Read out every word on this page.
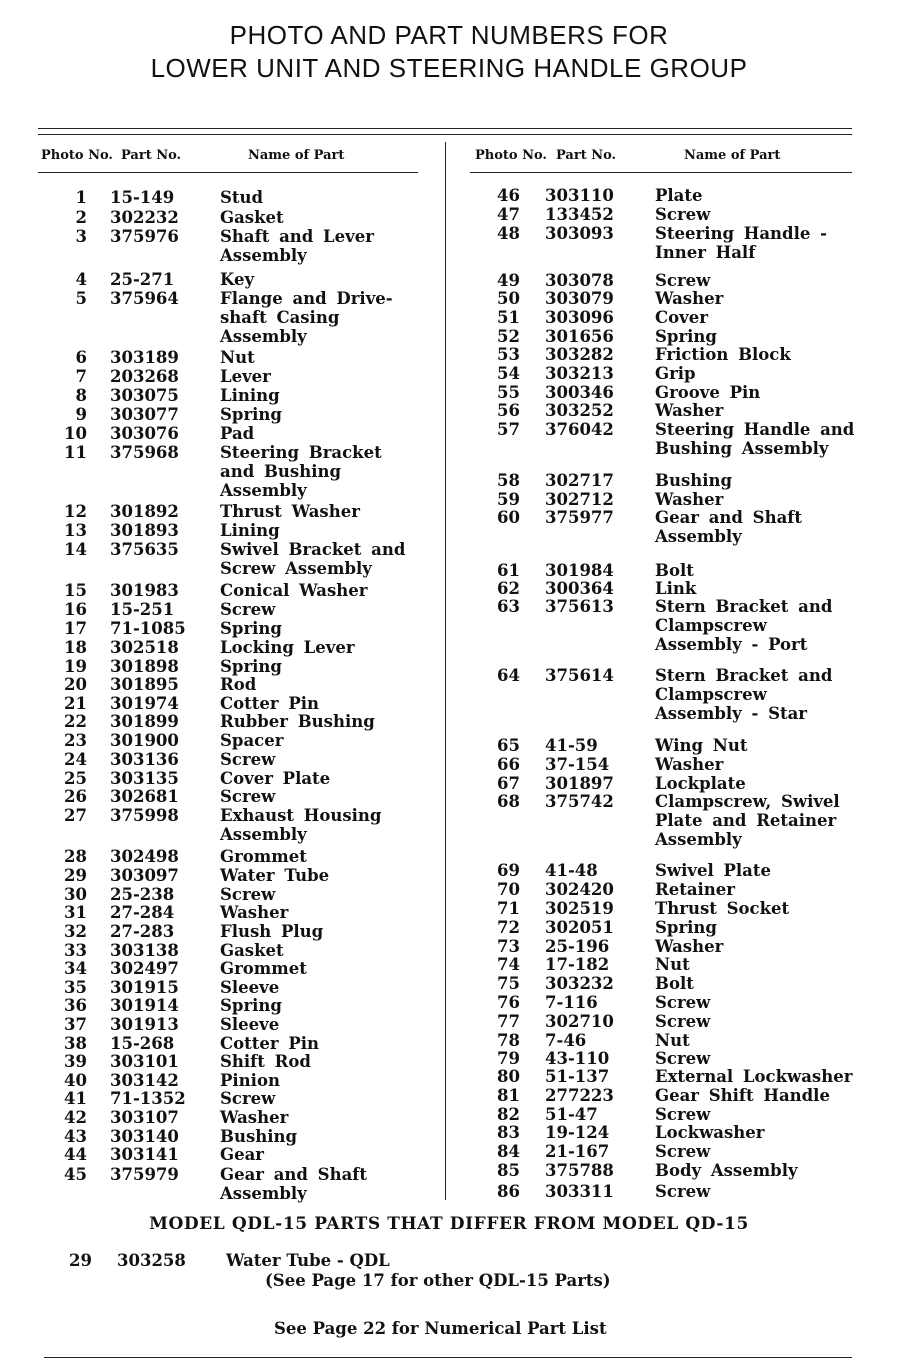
PHOTO AND PART NUMBERS FOR
LOWER UNIT AND STEERING HANDLE GROUP
Photo No. Part No.	Name of Part	Photo No. Part No.	Name of Part
1 15-149	Stud
2 302232 Gasket
3 375976 Shaft and Lever
Assembly
4 25-271	Key
5 375964 Flange and Drive-
shaft Casing
Assembly
6 303189 Nut
7 203268 Lever
8 303075 Lining
9 303077 Spring
10 303076 Pad
11 375968 Steering Bracket
and Bushing
Assembly
12 301892 Thrust Washer
13 301893 Lining
14 375635 Swivel Bracket and
Screw Assembly
15 301983 Conical Washer
16 15-251	Screw
17 71-1085 Spring
18 302518 Locking Lever
19 301898 Spring
20 301895 Rod
21 301974 Cotter Pin
22 301899 Rubber Bushing
23 301900 Spacer
24 303136 Screw
25 303135 Cover Plate
26 302681 Screw
27 375998 Exhaust Housing
Assembly
28 302498 Grommet
29 303097 Water Tube
30 25-238	Screw
31 27-284	Washer
32 27-283	Flush Plug
33 303138 Gasket
34 302497 Grommet
35 301915 Sleeve
36 301914 Spring
37 301913 Sleeve
38 15-268	Cotter Pin
39 303101 Shift Rod
40 303142 Pinion
41 71-1352 Screw
42 303107 Washer
43 303140 Bushing
44 303141 Gear
45 375979 Gear and Shaft
Assembly
46 303110 Plate
47 133452 Screw
48 303093 Steering Handle -
Inner Half
49 303078 Screw
50 303079 Washer
51 303096 Cover
52 301656 Spring
53 303282 Friction Block
54 303213 Grip
55 300346 Groove Pin
56 303252 Washer
57 376042 Steering Handle and
Bushing Assembly
58 302717 Bushing
59 302712 Washer
60 375977 Gear and Shaft
Assembly
61 301984 Bolt
62 300364 Link
63 375613 Stern Bracket and
Clampscrew
Assembly - Port
64 375614 Stern Bracket and
Clampscrew
Assembly - Star
65 41-59	Wing Nut
66 37-154	Washer
67 301897 Lockplate
68 375742 Clampscrew, Swivel
Plate and Retainer
Assembly
69 41-48	Swivel Plate
70 302420 Retainer
71 302519 Thrust Socket
72 302051 Spring
73 25-196	Washer
74 17-182	Nut
75 303232 Bolt
76 7-116	Screw
77 302710 Screw
78 7-46	Nut
79 43-110	Screw
80 51-137	External Lockwasher
81 277223 Gear Shift Handle
82 51-47	Screw
83 19-124	Lockwasher
84 21-167	Screw
85 375788 Body Assembly
86 303311 Screw
MODEL QDL-15 PARTS THAT DIFFER FROM MODEL QD-15
29 303258 Water Tube - QDL
(See Page 17 for other QDL-15 Parts)
See Page 22 for Numerical Part List
